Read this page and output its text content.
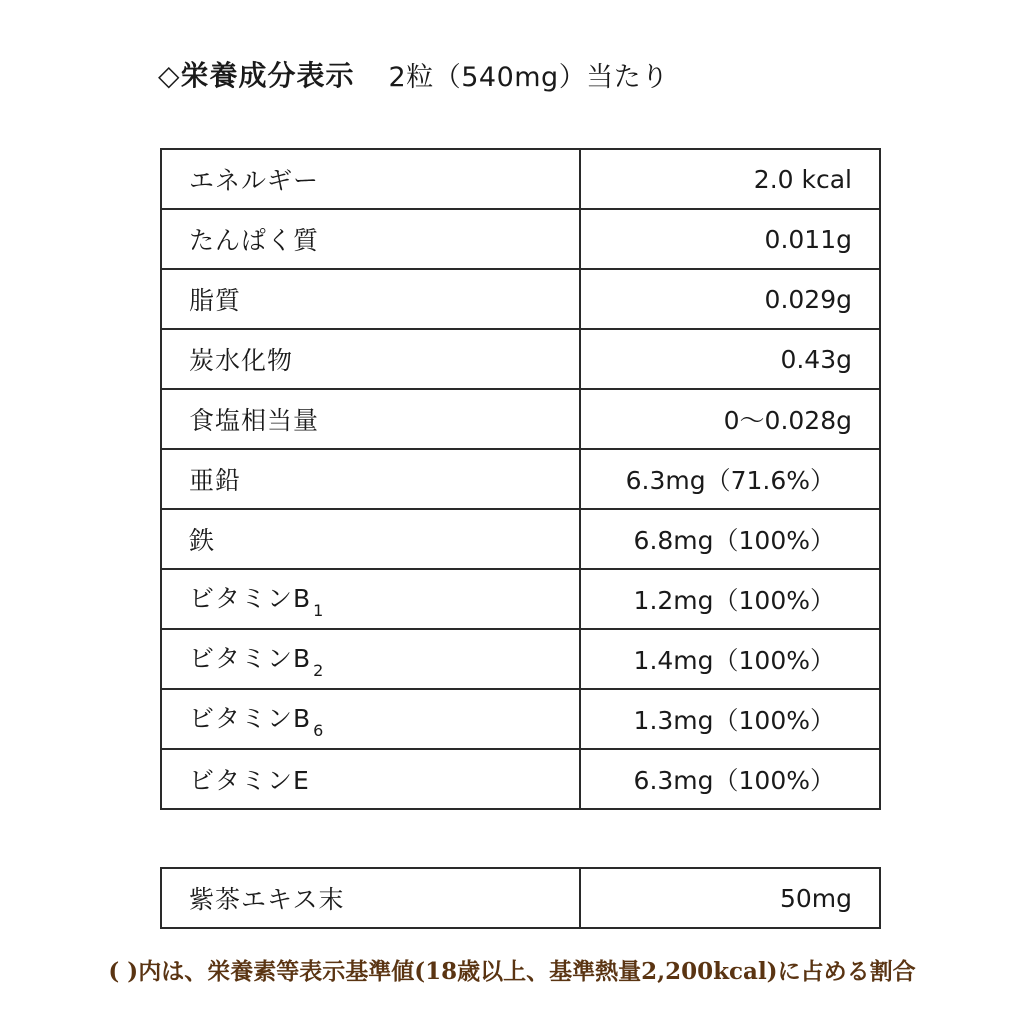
◇栄養成分表示 2粒（540mg）当たり
エネルギー	2.0 kcal
たんぱく質	0.011g
脂質	0.029g
炭水化物	0.43g
食塩相当量	0〜0.028g
亜鉛	6.3mg（71.6%）
鉄	6.8mg（100%）
ビタミンB $_1$	1.2mg（100%）
ビタミンB $_2$	1.4mg（100%）
ビタミンB $_6$	1.3mg（100%）
ビタミンE	6.3mg（100%）
紫茶エキス末	50mg
( )内は、栄養素等表示基準値(18歳以上、基準熱量2,200kcal)に占める割合
